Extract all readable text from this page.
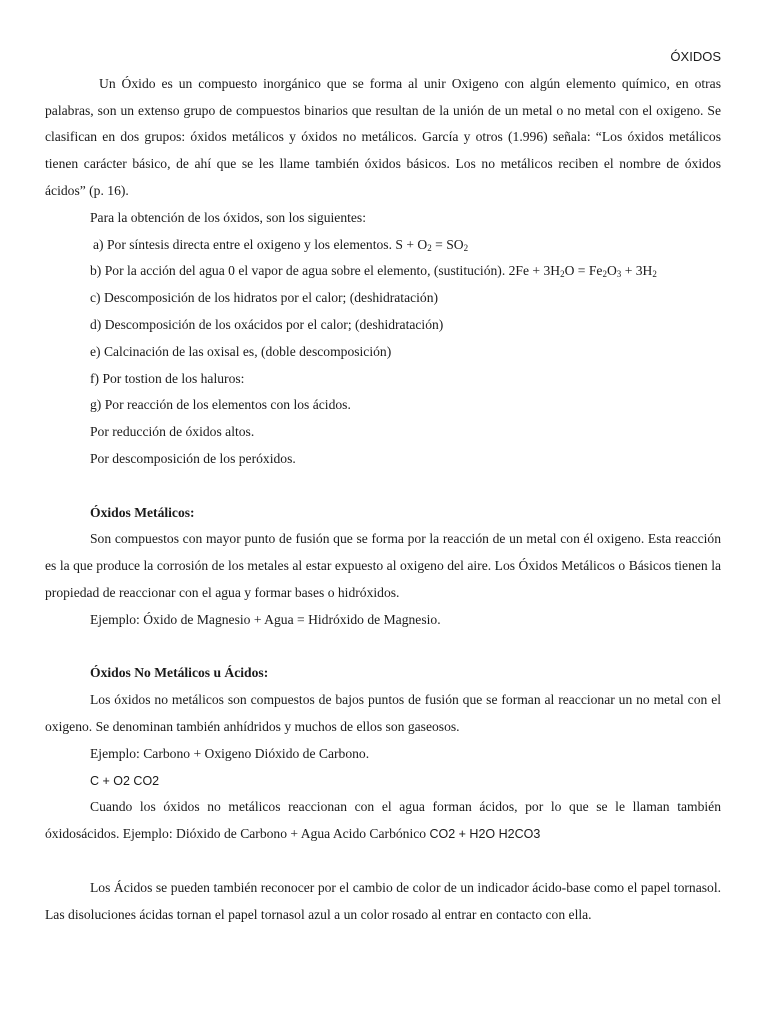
ÓXIDOS

Un Óxido es un compuesto inorgánico que se forma al unir Oxigeno con algún elemento químico, en otras palabras, son un extenso grupo de compuestos binarios que resultan de la unión de un metal o no metal con el oxigeno. Se clasifican en dos grupos: óxidos metálicos y óxidos no metálicos. García y otros (1.996) señala: “Los óxidos metálicos tienen carácter básico, de ahí que se les llame también óxidos básicos. Los no metálicos reciben el nombre de óxidos ácidos” (p. 16).

Para la obtención de los óxidos, son los siguientes:

a) Por síntesis directa entre el oxigeno y los elementos. $S + O_2 = SO_2$

b) Por la acción del agua 0 el vapor de agua sobre el elemento, (sustitución). $2Fe + 3H_2O = Fe_2O_3 + 3H_2$

c) Descomposición de los hidratos por el calor; (deshidratación)

d) Descomposición de los oxácidos por el calor; (deshidratación)

e) Calcinación de las oxisal es, (doble descomposición)

f) Por tostion de los haluros:

g) Por reacción de los elementos con los ácidos.

Por reducción de óxidos altos.

Por descomposición de los peróxidos.

Óxidos Metálicos:

Son compuestos con mayor punto de fusión que se forma por la reacción de un metal con él oxigeno. Esta reacción es la que produce la corrosión de los metales al estar expuesto al oxigeno del aire. Los Óxidos Metálicos o Básicos tienen la propiedad de reaccionar con el agua y formar bases o hidróxidos.

Ejemplo: Óxido de Magnesio + Agua = Hidróxido de Magnesio.

Óxidos No Metálicos u Ácidos:

Los óxidos no metálicos son compuestos de bajos puntos de fusión que se forman al reaccionar un no metal con el oxigeno. Se denominan también anhídridos y muchos de ellos son gaseosos.

Ejemplo: Carbono + Oxigeno Dióxido de Carbono.

C + O2 CO2

Cuando los óxidos no metálicos reaccionan con el agua forman ácidos, por lo que se le llaman también óxidosácidos. Ejemplo: Dióxido de Carbono + Agua Acido Carbónico CO2 + H2O H2CO3

Los Ácidos se pueden también reconocer por el cambio de color de un indicador ácido-base como el papel tornasol. Las disoluciones ácidas tornan el papel tornasol azul a un color rosado al entrar en contacto con ella.
